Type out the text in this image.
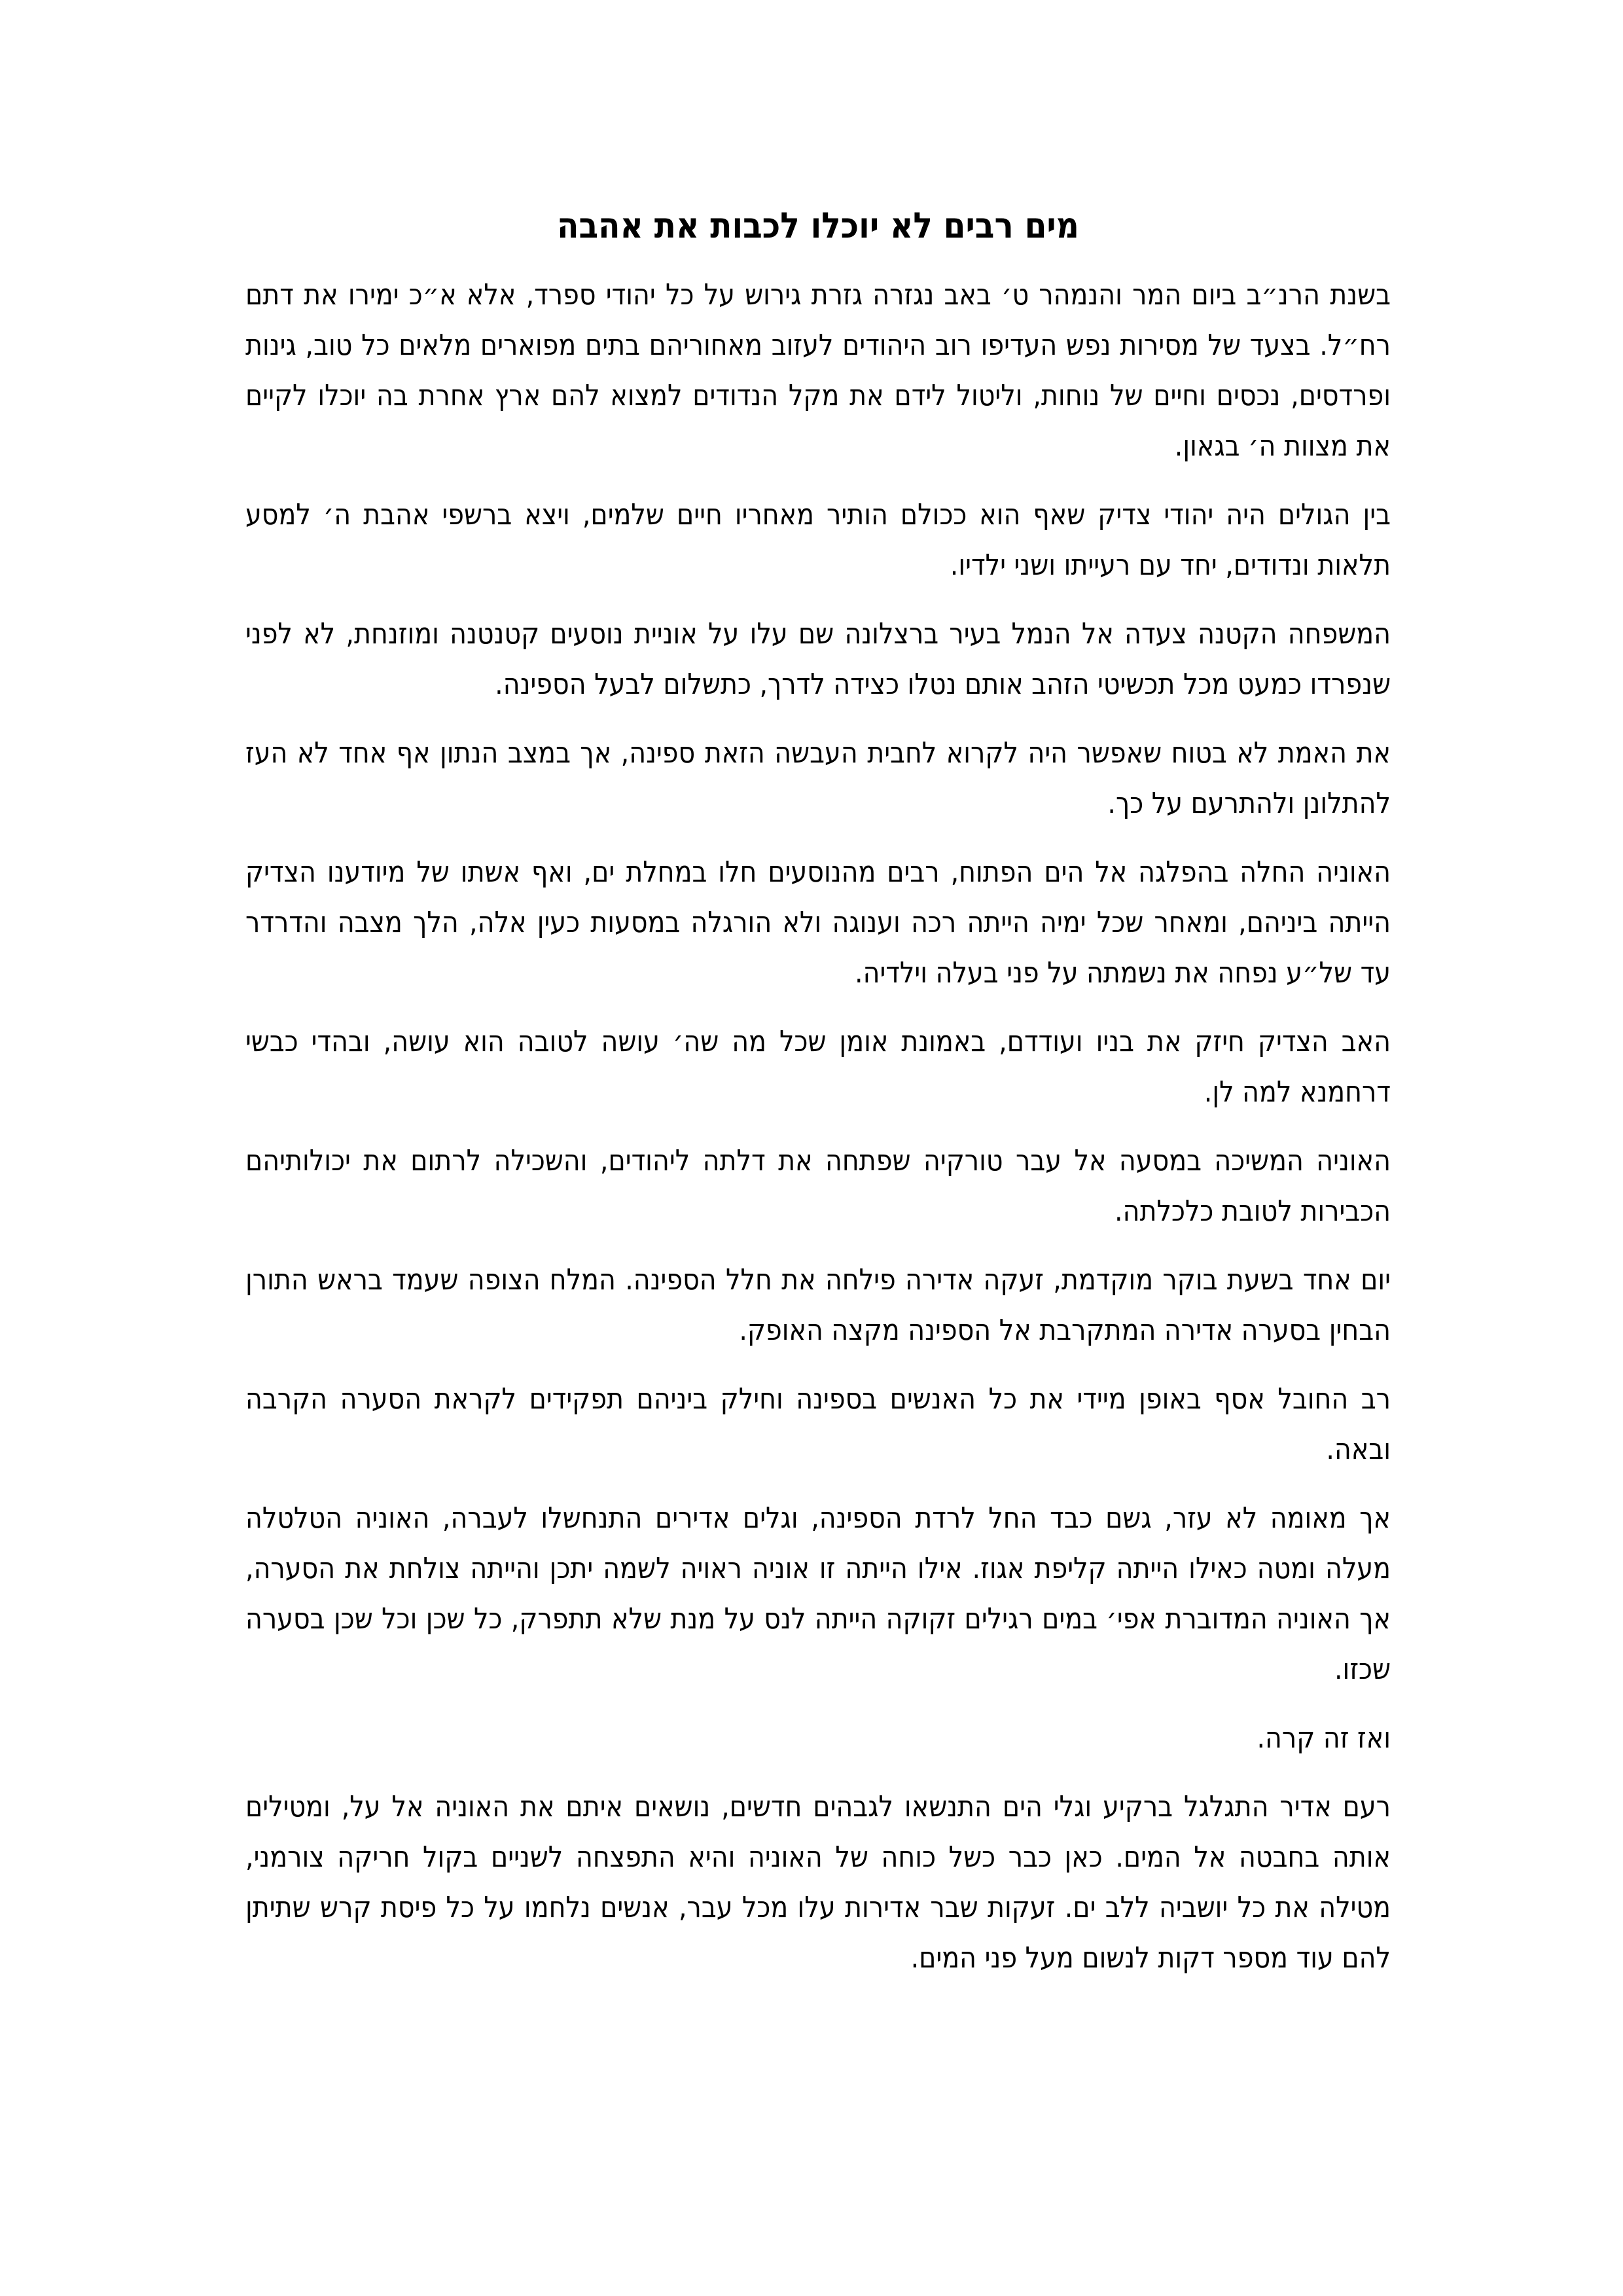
מים רבים לא יוכלו לכבות את אהבה

בשנת הרנ״ב ביום המר והנמהר ט׳ באב נגזרה גזרת גירוש על כל יהודי ספרד, אלא א״כ ימירו את דתם רח״ל. בצעד של מסירות נפש העדיפו רוב היהודים לעזוב מאחוריהם בתים מפוארים מלאים כל טוב, גינות ופרדסים, נכסים וחיים של נוחות, וליטול לידם את מקל הנדודים למצוא להם ארץ אחרת בה יוכלו לקיים את מצוות ה׳ בגאון.

בין הגולים היה יהודי צדיק שאף הוא ככולם הותיר מאחריו חיים שלמים, ויצא ברשפי אהבת ה׳ למסע תלאות ונדודים, יחד עם רעייתו ושני ילדיו.

המשפחה הקטנה צעדה אל הנמל בעיר ברצלונה שם עלו על אוניית נוסעים קטנטנה ומוזנחת, לא לפני שנפרדו כמעט מכל תכשיטי הזהב אותם נטלו כצידה לדרך, כתשלום לבעל הספינה.

את האמת לא בטוח שאפשר היה לקרוא לחבית העבשה הזאת ספינה, אך במצב הנתון אף אחד לא העז להתלונן ולהתרעם על כך.

האוניה החלה בהפלגה אל הים הפתוח, רבים מהנוסעים חלו במחלת ים, ואף אשתו של מיודענו הצדיק הייתה ביניהם, ומאחר שכל ימיה הייתה רכה וענוגה ולא הורגלה במסעות כעין אלה, הלך מצבה והדרדר עד של״ע נפחה את נשמתה על פני בעלה וילדיה.

האב הצדיק חיזק את בניו ועודדם, באמונת אומן שכל מה שה׳ עושה לטובה הוא עושה, ובהדי כבשי דרחמנא למה לן.

האוניה המשיכה במסעה אל עבר טורקיה שפתחה את דלתה ליהודים, והשכילה לרתום את יכולותיהם הכבירות לטובת כלכלתה.

יום אחד בשעת בוקר מוקדמת, זעקה אדירה פילחה את חלל הספינה. המלח הצופה שעמד בראש התורן הבחין בסערה אדירה המתקרבת אל הספינה מקצה האופק.

רב החובל אסף באופן מיידי את כל האנשים בספינה וחילק ביניהם תפקידים לקראת הסערה הקרבה ובאה.

אך מאומה לא עזר, גשם כבד החל לרדת הספינה, וגלים אדירים התנחשלו לעברה, האוניה הטלטלה מעלה ומטה כאילו הייתה קליפת אגוז. אילו הייתה זו אוניה ראויה לשמה יתכן והייתה צולחת את הסערה, אך האוניה המדוברת אפי׳ במים רגילים זקוקה הייתה לנס על מנת שלא תתפרק, כל שכן וכל שכן בסערה שכזו.

ואז זה קרה.

רעם אדיר התגלגל ברקיע וגלי הים התנשאו לגבהים חדשים, נושאים איתם את האוניה אל על, ומטילים אותה בחבטה אל המים. כאן כבר כשל כוחה של האוניה והיא התפצחה לשניים בקול חריקה צורמני, מטילה את כל יושביה ללב ים. זעקות שבר אדירות עלו מכל עבר, אנשים נלחמו על כל פיסת קרש שתיתן להם עוד מספר דקות לנשום מעל פני המים.
